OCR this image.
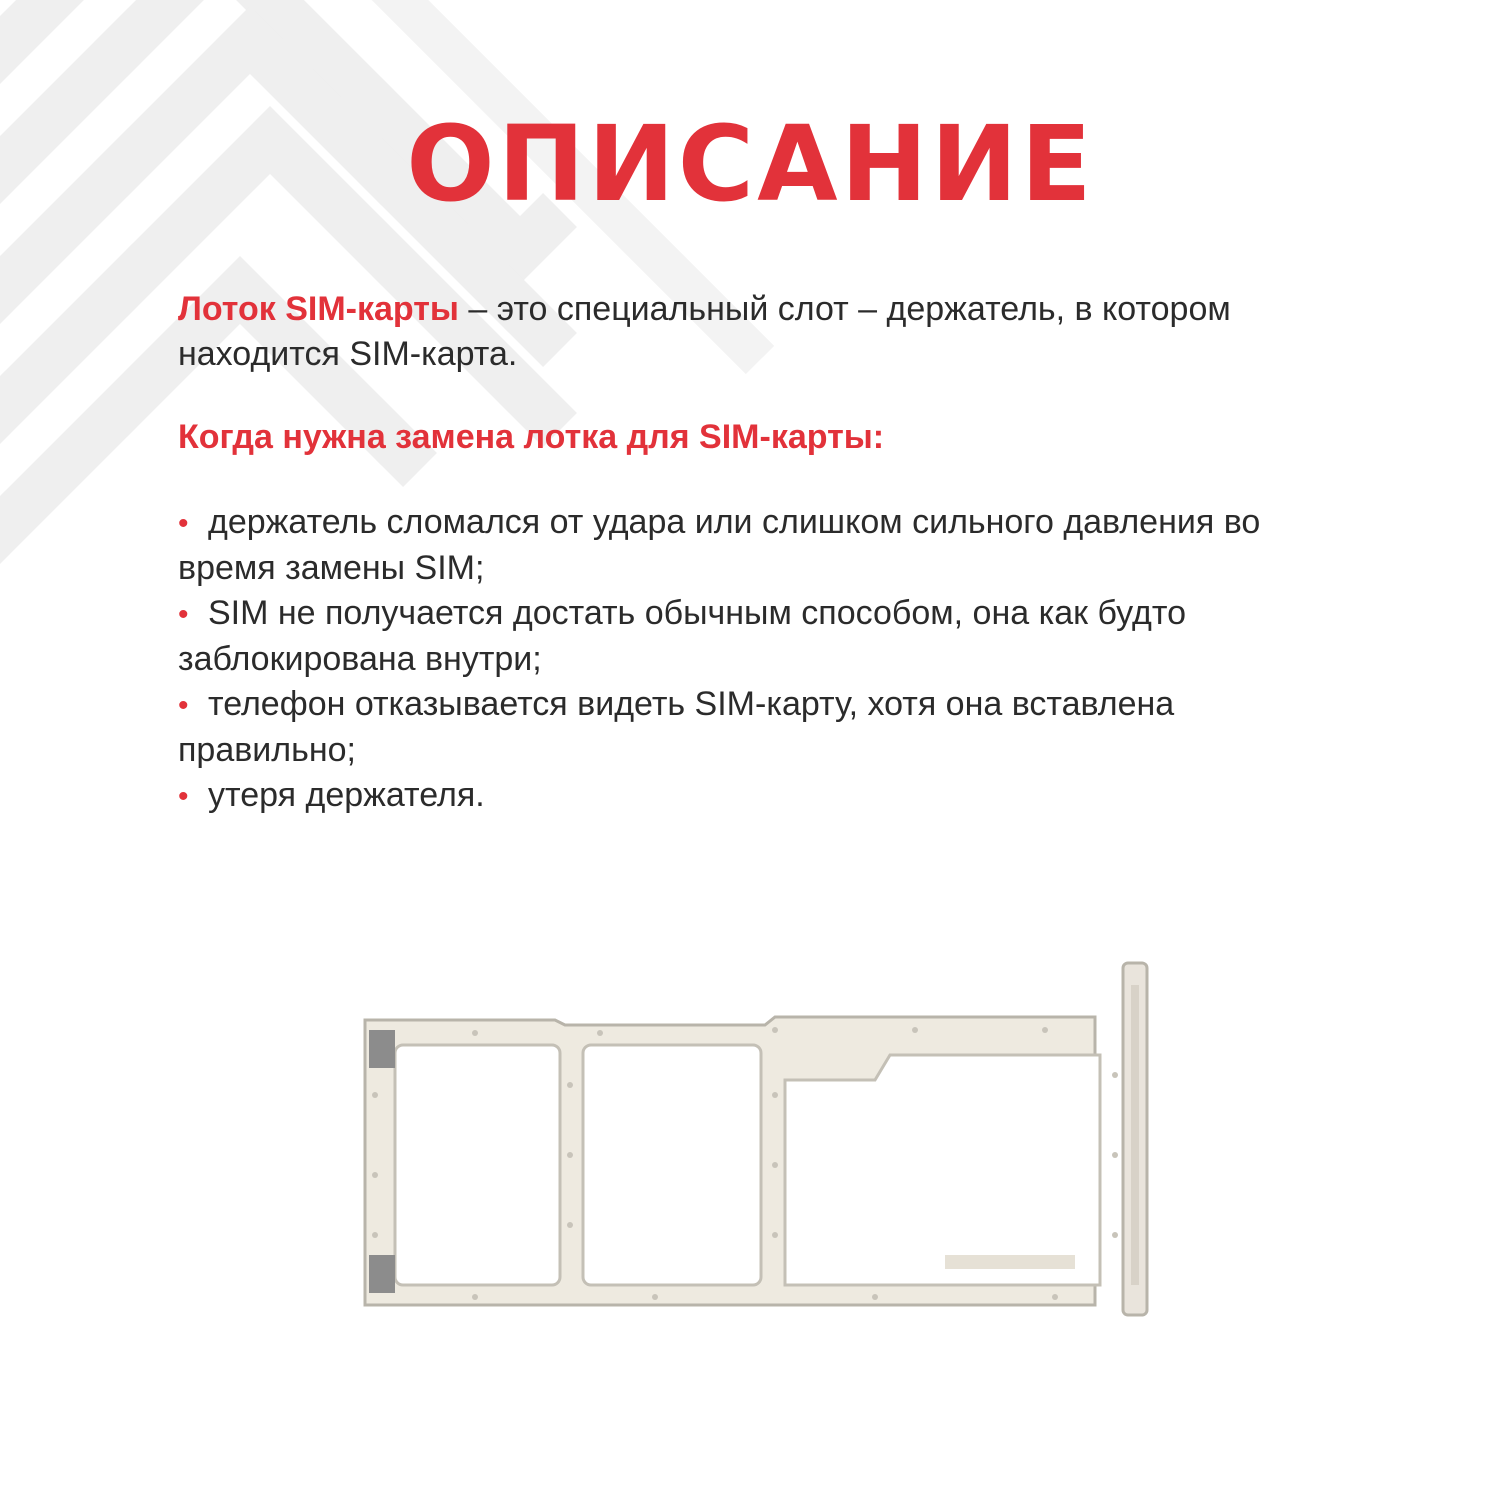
ОПИСАНИЕ

Лоток SIM-карты – это специальный слот – держатель, в котором находится SIM-карта.

Когда нужна замена лотка для SIM-карты:

• держатель сломался от удара или слишком сильного давления во время замены SIM;
• SIM не получается достать обычным способом, она как будто заблокирована внутри;
• телефон отказывается видеть SIM-карту, хотя она вставлена правильно;
• утеря держателя.
